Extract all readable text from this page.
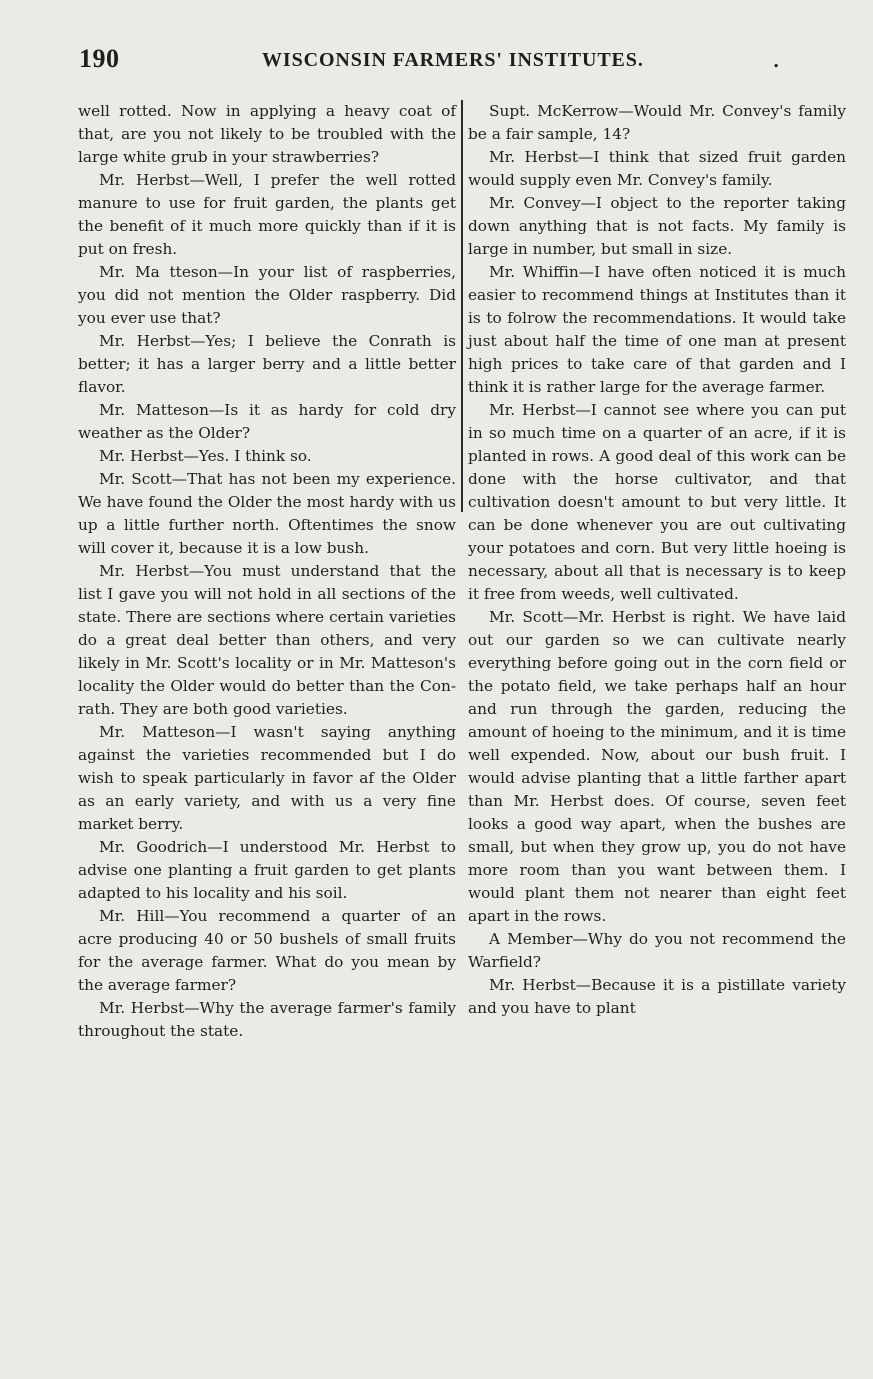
190	WISCONSIN FARMERS' INSTITUTES.	.

well rotted. Now in applying a heavy coat of that, are you not likely to be troubled with the large white grub in your strawberries?

Mr. Herbst—Well, I prefer the well rotted manure to use for fruit garden, the plants get the benefit of it much more quickly than if it is put on fresh.

Mr. Ma tteson—In your list of raspberries, you did not mention the Older raspberry. Did you ever use that?

Mr. Herbst—Yes; I believe the Conrath is better; it has a larger berry and a little better flavor.

Mr. Matteson—Is it as hardy for cold dry weather as the Older?

Mr. Herbst—Yes. I think so.

Mr. Scott—That has not been my experience. We have found the Older the most hardy with us up a little further north. Oftentimes the snow will cover it, because it is a low bush.

Mr. Herbst—You must understand that the list I gave you will not hold in all sections of the state. There are sections where certain varieties do a great deal better than others, and very likely in Mr. Scott's locality or in Mr. Matteson's locality the Older would do better than the Conrath. They are both good varieties.

Mr. Matteson—I wasn't saying anything against the varieties recommended but I do wish to speak particularly in favor af the Older as an early variety, and with us a very fine market berry.

Mr. Goodrich—I understood Mr. Herbst to advise one planting a fruit garden to get plants adapted to his locality and his soil.

Mr. Hill—You recommend a quarter of an acre producing 40 or 50 bushels of small fruits for the average farmer. What do you mean by the average farmer?

Mr. Herbst—Why the average farmer's family throughout the state.

Supt. McKerrow—Would Mr. Convey's family be a fair sample, 14?

Mr. Herbst—I think that sized fruit garden would supply even Mr. Convey's family.

Mr. Convey—I object to the reporter taking down anything that is not facts. My family is large in number, but small in size.

Mr. Whiffin—I have often noticed it is much easier to recommend things at Institutes than it is to folrow the recommendations. It would take just about half the time of one man at present high prices to take care of that garden and I think it is rather large for the average farmer.

Mr. Herbst—I cannot see where you can put in so much time on a quarter of an acre, if it is planted in rows. A good deal of this work can be done with the horse cultivator, and that cultivation doesn't amount to but very little. It can be done whenever you are out cultivating your potatoes and corn. But very little hoeing is necessary, about all that is necessary is to keep it free from weeds, well cultivated.

Mr. Scott—Mr. Herbst is right. We have laid out our garden so we can cultivate nearly everything before going out in the corn field or the potato field, we take perhaps half an hour and run through the garden, reducing the amount of hoeing to the minimum, and it is time well expended. Now, about our bush fruit. I would advise planting that a little farther apart than Mr. Herbst does. Of course, seven feet looks a good way apart, when the bushes are small, but when they grow up, you do not have more room than you want between them. I would plant them not nearer than eight feet apart in the rows.

A Member—Why do you not recommend the Warfield?

Mr. Herbst—Because it is a pistillate variety and you have to plant
